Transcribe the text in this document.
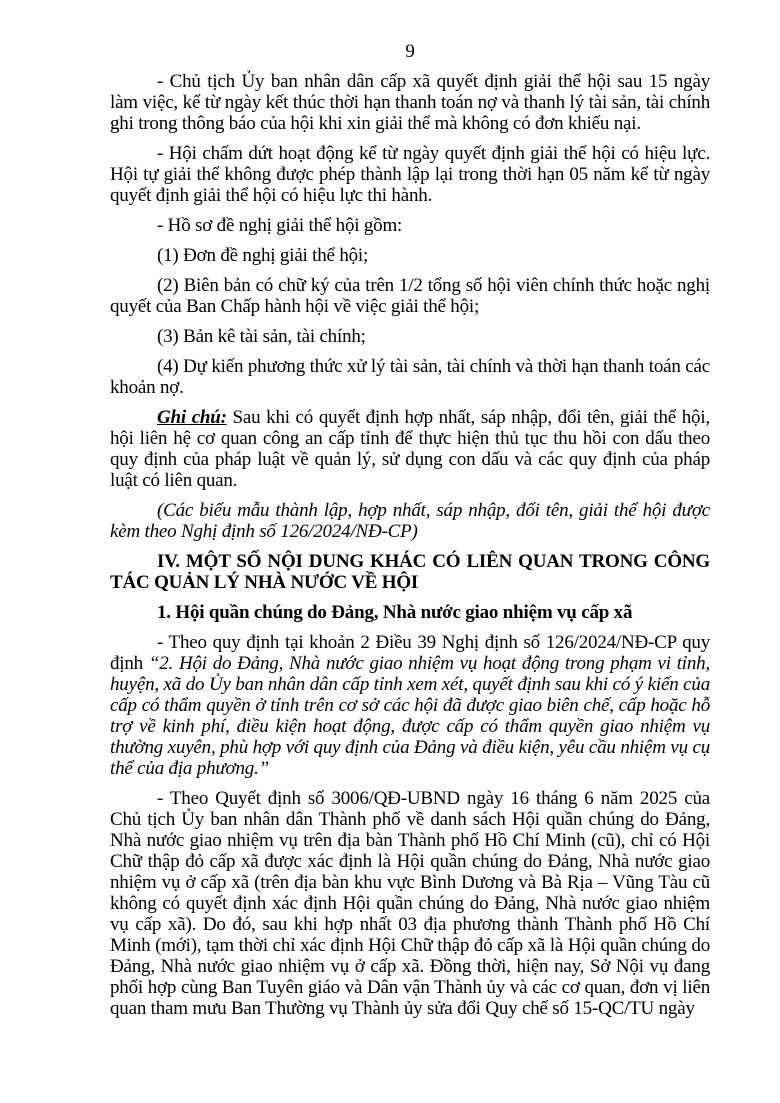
9

- Chủ tịch Ủy ban nhân dân cấp xã quyết định giải thể hội sau 15 ngày làm việc, kể từ ngày kết thúc thời hạn thanh toán nợ và thanh lý tài sản, tài chính ghi trong thông báo của hội khi xin giải thể mà không có đơn khiếu nại.

- Hội chấm dứt hoạt động kể từ ngày quyết định giải thể hội có hiệu lực. Hội tự giải thể không được phép thành lập lại trong thời hạn 05 năm kể từ ngày quyết định giải thể hội có hiệu lực thi hành.

- Hồ sơ đề nghị giải thể hội gồm:

(1) Đơn đề nghị giải thể hội;

(2) Biên bản có chữ ký của trên 1/2 tổng số hội viên chính thức hoặc nghị quyết của Ban Chấp hành hội về việc giải thể hội;

(3) Bản kê tài sản, tài chính;

(4) Dự kiến phương thức xử lý tài sản, tài chính và thời hạn thanh toán các khoản nợ.

Ghi chú: Sau khi có quyết định hợp nhất, sáp nhập, đổi tên, giải thể hội, hội liên hệ cơ quan công an cấp tỉnh để thực hiện thủ tục thu hồi con dấu theo quy định của pháp luật về quản lý, sử dụng con dấu và các quy định của pháp luật có liên quan.

(Các biểu mẫu thành lập, hợp nhất, sáp nhập, đổi tên, giải thể hội được kèm theo Nghị định số 126/2024/NĐ-CP)

IV. MỘT SỐ NỘI DUNG KHÁC CÓ LIÊN QUAN TRONG CÔNG TÁC QUẢN LÝ NHÀ NƯỚC VỀ HỘI

1. Hội quần chúng do Đảng, Nhà nước giao nhiệm vụ cấp xã

- Theo quy định tại khoản 2 Điều 39 Nghị định số 126/2024/NĐ-CP quy định “2. Hội do Đảng, Nhà nước giao nhiệm vụ hoạt động trong phạm vi tỉnh, huyện, xã do Ủy ban nhân dân cấp tỉnh xem xét, quyết định sau khi có ý kiến của cấp có thẩm quyền ở tỉnh trên cơ sở các hội đã được giao biên chế, cấp hoặc hỗ trợ về kinh phí, điều kiện hoạt động, được cấp có thẩm quyền giao nhiệm vụ thường xuyên, phù hợp với quy định của Đảng và điều kiện, yêu cầu nhiệm vụ cụ thể của địa phương.”

- Theo Quyết định số 3006/QĐ-UBND ngày 16 tháng 6 năm 2025 của Chủ tịch Ủy ban nhân dân Thành phố về danh sách Hội quần chúng do Đảng, Nhà nước giao nhiệm vụ trên địa bàn Thành phố Hồ Chí Minh (cũ), chỉ có Hội Chữ thập đỏ cấp xã được xác định là Hội quần chúng do Đảng, Nhà nước giao nhiệm vụ ở cấp xã (trên địa bàn khu vực Bình Dương và Bà Rịa – Vũng Tàu cũ không có quyết định xác định Hội quần chúng do Đảng, Nhà nước giao nhiệm vụ cấp xã). Do đó, sau khi hợp nhất 03 địa phương thành Thành phố Hồ Chí Minh (mới), tạm thời chỉ xác định Hội Chữ thập đỏ cấp xã là Hội quần chúng do Đảng, Nhà nước giao nhiệm vụ ở cấp xã. Đồng thời, hiện nay, Sở Nội vụ đang phối hợp cùng Ban Tuyên giáo và Dân vận Thành ủy và các cơ quan, đơn vị liên quan tham mưu Ban Thường vụ Thành ủy sửa đổi Quy chế số 15-QC/TU ngày
